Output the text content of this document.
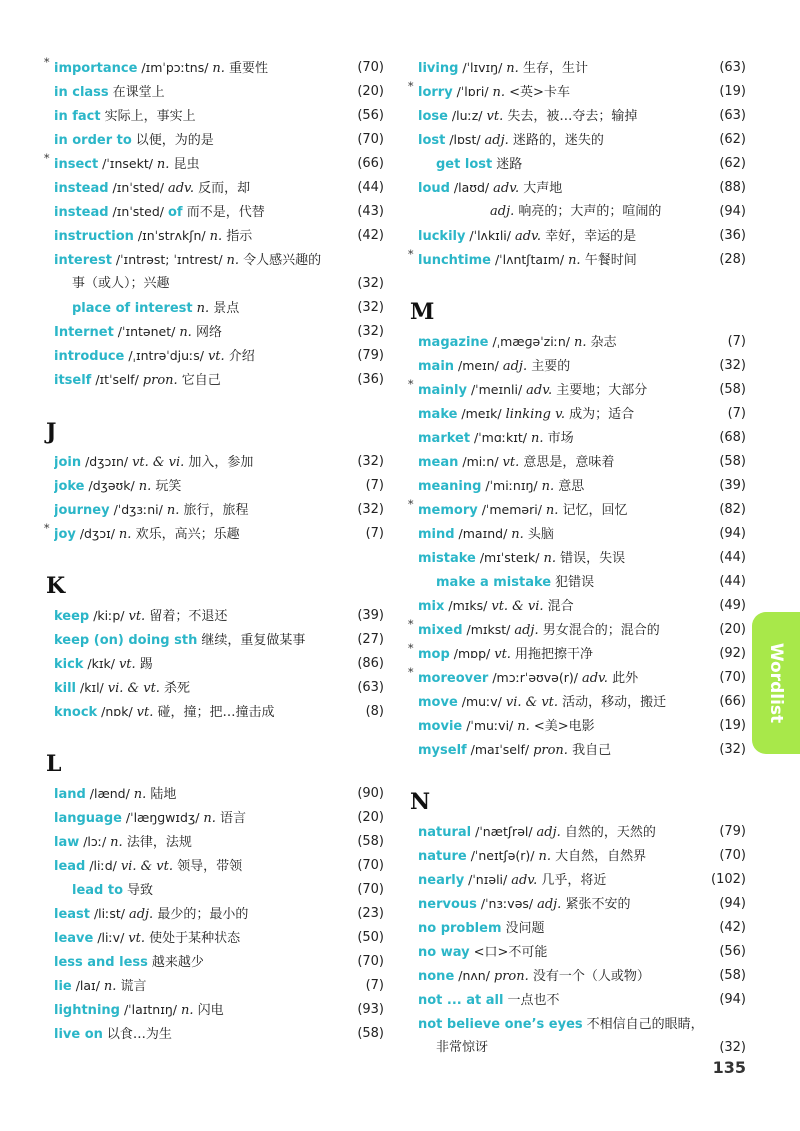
* importance /ɪmˈpɔːtns/ n. 重要性	(70)
in class 在课堂上	(20)
in fact 实际上，事实上	(56)
in order to 以便，为的是	(70)
* insect /ˈɪnsekt/ n. 昆虫	(66)
instead /ɪnˈsted/ adv. 反而，却	(44)
instead /ɪnˈsted/ of 而不是，代替	(43)
instruction /ɪnˈstrʌkʃn/ n. 指示	(42)
interest /ˈɪntrəst; ˈɪntrest/ n. 令人感兴趣的
事（或人）；兴趣	(32)
place of interest n. 景点	(32)
Internet /ˈɪntənet/ n. 网络	(32)
introduce /ˌɪntrəˈdjuːs/ vt. 介绍	(79)
itself /ɪtˈself/ pron. 它自己	(36)
J
join /dʒɔɪn/ vt. & vi. 加入，参加	(32)
joke /dʒəʊk/ n. 玩笑	(7)
journey /ˈdʒɜːni/ n. 旅行，旅程	(32)
* joy /dʒɔɪ/ n. 欢乐，高兴；乐趣	(7)
K
keep /kiːp/ vt. 留着；不退还	(39)
keep (on) doing sth 继续，重复做某事	(27)
kick /kɪk/ vt. 踢	(86)
kill /kɪl/ vi. & vt. 杀死	(63)
knock /nɒk/ vt. 碰，撞；把…撞击成	(8)
L
land /lænd/ n. 陆地	(90)
language /ˈlæŋɡwɪdʒ/ n. 语言	(20)
law /lɔː/ n. 法律，法规	(58)
lead /liːd/ vi. & vt. 领导，带领	(70)
lead to 导致	(70)
least /liːst/ adj. 最少的；最小的	(23)
leave /liːv/ vt. 使处于某种状态	(50)
less and less 越来越少	(70)
lie /laɪ/ n. 谎言	(7)
lightning /ˈlaɪtnɪŋ/ n. 闪电	(93)
live on 以食…为生	(58)
living /ˈlɪvɪŋ/ n. 生存，生计	(63)
* lorry /ˈlɒri/ n. <英>卡车	(19)
lose /luːz/ vt. 失去，被…夺去；输掉	(63)
lost /lɒst/ adj. 迷路的，迷失的	(62)
get lost 迷路	(62)
loud /laʊd/ adv. 大声地	(88)
adj. 响亮的；大声的；喧闹的	(94)
luckily /ˈlʌkɪli/ adv. 幸好，幸运的是	(36)
* lunchtime /ˈlʌntʃtaɪm/ n. 午餐时间	(28)
M
magazine /ˌmæɡəˈziːn/ n. 杂志	(7)
main /meɪn/ adj. 主要的	(32)
* mainly /ˈmeɪnli/ adv. 主要地；大部分	(58)
make /meɪk/ linking v. 成为；适合	(7)
market /ˈmɑːkɪt/ n. 市场	(68)
mean /miːn/ vt. 意思是，意味着	(58)
meaning /ˈmiːnɪŋ/ n. 意思	(39)
* memory /ˈmeməri/ n. 记忆，回忆	(82)
mind /maɪnd/ n. 头脑	(94)
mistake /mɪˈsteɪk/ n. 错误，失误	(44)
make a mistake 犯错误	(44)
mix /mɪks/ vt. & vi. 混合	(49)
* mixed /mɪkst/ adj. 男女混合的；混合的	(20)
* mop /mɒp/ vt. 用拖把擦干净	(92)
* moreover /mɔːrˈəʊvə(r)/ adv. 此外	(70)
move /muːv/ vi. & vt. 活动，移动，搬迁	(66)
movie /ˈmuːvi/ n. <美>电影	(19)
myself /maɪˈself/ pron. 我自己	(32)
N
natural /ˈnætʃrəl/ adj. 自然的，天然的	(79)
nature /ˈneɪtʃə(r)/ n. 大自然，自然界	(70)
nearly /ˈnɪəli/ adv. 几乎，将近	(102)
nervous /ˈnɜːvəs/ adj. 紧张不安的	(94)
no problem 没问题	(42)
no way <口>不可能	(56)
none /nʌn/ pron. 没有一个（人或物）	(58)
not ... at all 一点也不	(94)
not believe one’s eyes 不相信自己的眼睛，
非常惊讶	(32)
Wordlist
135
